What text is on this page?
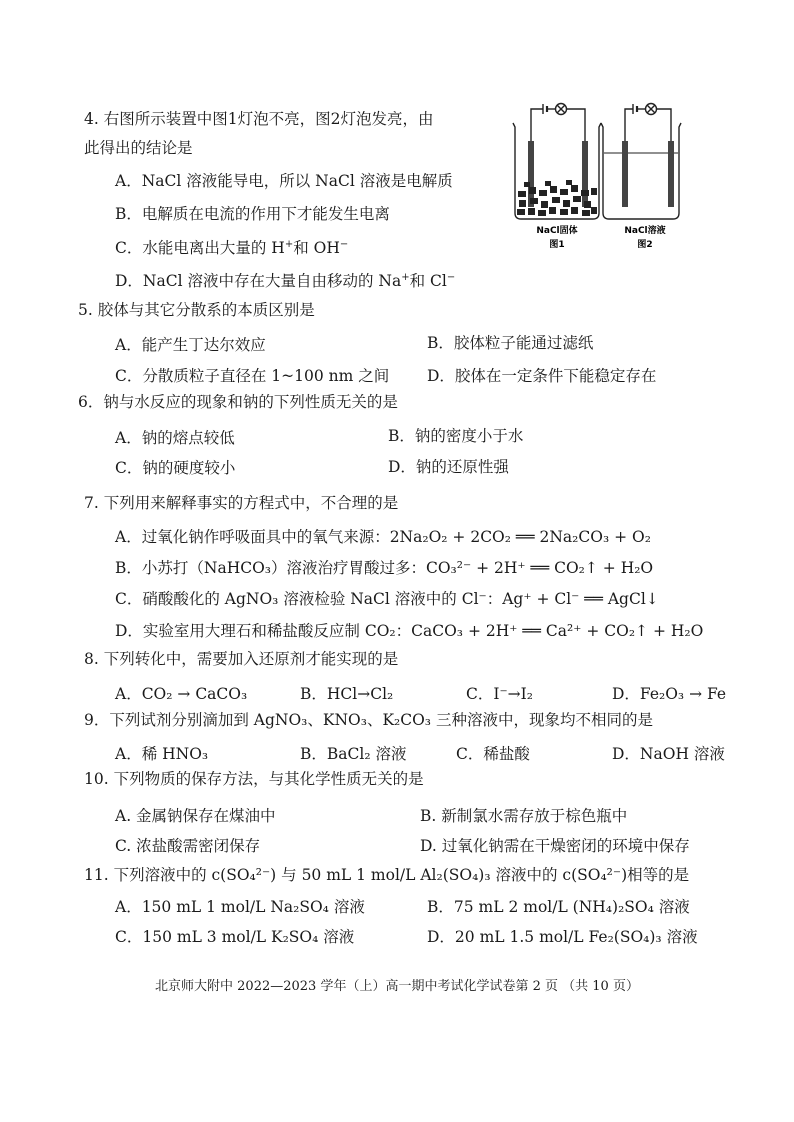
4. 右图所示装置中图1灯泡不亮，图2灯泡发亮，由
此得出的结论是
A．NaCl 溶液能导电，所以 NaCl 溶液是电解质
B．电解质在电流的作用下才能发生电离
C．水能电离出大量的 H+和 OH−
D．NaCl 溶液中存在大量自由移动的 Na+和 Cl−
NaCl固体
图1
NaCl溶液
图2
5. 胶体与其它分散系的本质区别是
A．能产生丁达尔效应	B．胶体粒子能通过滤纸
C．分散质粒子直径在 1~100 nm 之间 D．胶体在一定条件下能稳定存在
6．钠与水反应的现象和钠的下列性质无关的是
A．钠的熔点较低	B．钠的密度小于水
C．钠的硬度较小	D．钠的还原性强
7. 下列用来解释事实的方程式中，不合理的是
A．过氧化钠作呼吸面具中的氧气来源：2Na₂O₂ + 2CO₂ ══ 2Na₂CO₃ + O₂
B．小苏打（NaHCO₃）溶液治疗胃酸过多：CO₃²⁻ + 2H⁺ ══ CO₂↑ + H₂O
C．硝酸酸化的 AgNO₃ 溶液检验 NaCl 溶液中的 Cl⁻：Ag⁺ + Cl⁻ ══ AgCl↓
D．实验室用大理石和稀盐酸反应制 CO₂：CaCO₃ + 2H⁺ ══ Ca²⁺ + CO₂↑ + H₂O
8. 下列转化中，需要加入还原剂才能实现的是
A．CO₂ → CaCO₃	B．HCl→Cl₂	C．I⁻→I₂	D．Fe₂O₃ → Fe
9．下列试剂分别滴加到 AgNO₃、KNO₃、K₂CO₃ 三种溶液中，现象均不相同的是
A．稀 HNO₃	B．BaCl₂ 溶液	C．稀盐酸	D．NaOH 溶液
10. 下列物质的保存方法，与其化学性质无关的是
A. 金属钠保存在煤油中	B. 新制氯水需存放于棕色瓶中
C. 浓盐酸需密闭保存	D. 过氧化钠需在干燥密闭的环境中保存
11. 下列溶液中的 c(SO₄²⁻) 与 50 mL 1 mol/L Al₂(SO₄)₃ 溶液中的 c(SO₄²⁻)相等的是
A．150 mL 1 mol/L Na₂SO₄ 溶液	B．75 mL 2 mol/L (NH₄)₂SO₄ 溶液
C．150 mL 3 mol/L K₂SO₄ 溶液	D．20 mL 1.5 mol/L Fe₂(SO₄)₃ 溶液
北京师大附中 2022—2023 学年（上）高一期中考试化学试卷第 2 页 （共 10 页）
